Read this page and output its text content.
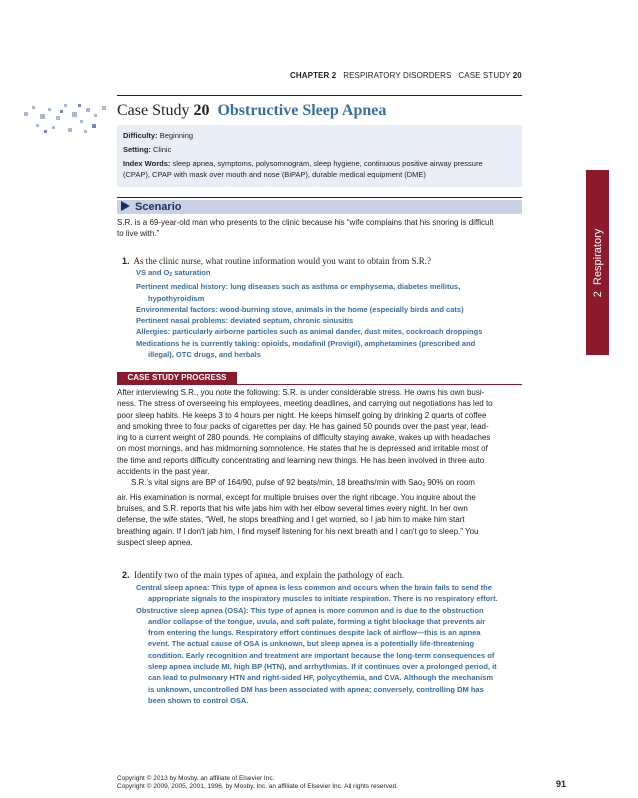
CHAPTER 2 RESPIRATORY DISORDERS CASE STUDY 20
Case Study 20 Obstructive Sleep Apnea
Difficulty: Beginning
Setting: Clinic
Index Words: sleep apnea, symptoms, polysomnogram, sleep hygiene, continuous positive airway pressure
(CPAP), CPAP with mask over mouth and nose (BiPAP), durable medical equipment (DME)
Scenario
S.R. is a 69-year-old man who presents to the clinic because his “wife complains that his snoring is difficult
to live with.”
1. As the clinic nurse, what routine information would you want to obtain from S.R.?
VS and $O_2$ saturation
Pertinent medical history: lung diseases such as asthma or emphysema, diabetes mellitus,
hypothyroidism
Environmental factors: wood-burning stove, animals in the home (especially birds and cats)
Pertinent nasal problems: deviated septum, chronic sinusitis
Allergies: particularly airborne particles such as animal dander, dust mites, cockroach droppings
Medications he is currently taking: opioids, modafinil (Provigil), amphetamines (prescribed and
illegal), OTC drugs, and herbals
CASE STUDY PROGRESS
After interviewing S.R., you note the following: S.R. is under considerable stress. He owns his own busi-
ness. The stress of overseeing his employees, meeting deadlines, and carrying out negotiations has led to
poor sleep habits. He keeps 3 to 4 hours per night. He keeps himself going by drinking 2 quarts of coffee
and smoking three to four packs of cigarettes per day. He has gained 50 pounds over the past year, lead-
ing to a current weight of 280 pounds. He complains of difficulty staying awake, wakes up with headaches
on most mornings, and has midmorning somnolence. He states that he is depressed and irritable most of
the time and reports difficulty concentrating and learning new things. He has been involved in three auto
accidents in the past year.
S.R.'s vital signs are BP of 164/90, pulse of 92 beats/min, 18 breaths/min with Sao$_2$ 90% on room
air. His examination is normal, except for multiple bruises over the right ribcage. You inquire about the
bruises, and S.R. reports that his wife jabs him with her elbow several times every night. In her own
defense, the wife states, “Well, he stops breathing and I get worried, so I jab him to make him start
breathing again. If I don't jab him, I find myself listening for his next breath and I can't go to sleep.” You
suspect sleep apnea.
2. Identify two of the main types of apnea, and explain the pathology of each.
Central sleep apnea: This type of apnea is less common and occurs when the brain fails to send the
appropriate signals to the inspiratory muscles to initiate respiration. There is no respiratory effort.
Obstructive sleep apnea (OSA): This type of apnea is more common and is due to the obstruction
and/or collapse of the tongue, uvula, and soft palate, forming a tight blockage that prevents air
from entering the lungs. Respiratory effort continues despite lack of airflow—this is an apnea
event. The actual cause of OSA is unknown, but sleep apnea is a potentially life-threatening
condition. Early recognition and treatment are important because the long-term consequences of
sleep apnea include MI, high BP (HTN), and arrhythmias. If it continues over a prolonged period, it
can lead to pulmonary HTN and right-sided HF, polycythemia, and CVA. Although the mechanism
is unknown, uncontrolled DM has been associated with apnea; conversely, controlling DM has
been shown to control OSA.
2  Respiratory
Copyright © 2013 by Mosby, an affiliate of Elsevier Inc.
Copyright © 2009, 2005, 2001, 1996, by Mosby, Inc. an affiliate of Elsevier Inc. All rights reserved.	91
